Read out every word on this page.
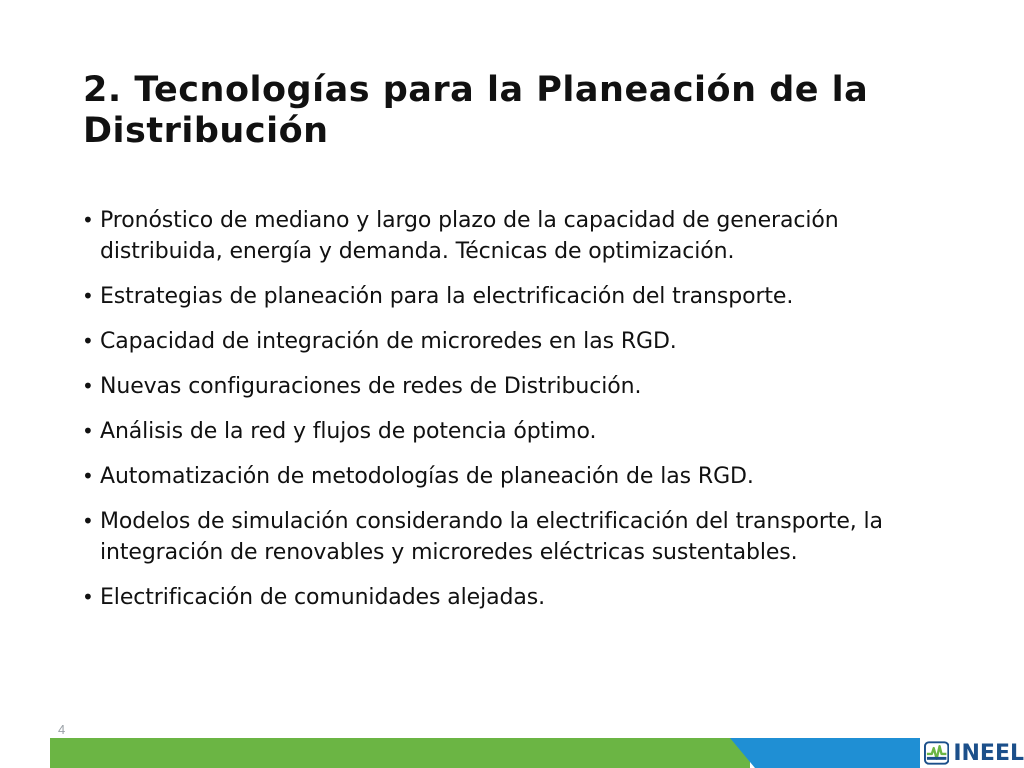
2. Tecnologías para la Planeación de la
Distribución
• Pronóstico de mediano y largo plazo de la capacidad de generación distribuida, energía y demanda. Técnicas de optimización.
• Estrategias de planeación para la electrificación del transporte.
• Capacidad de integración de microredes en las RGD.
• Nuevas configuraciones de redes de Distribución.
• Análisis de la red y flujos de potencia óptimo.
• Automatización de metodologías de planeación de las RGD.
• Modelos de simulación considerando la electrificación del transporte, la integración de renovables y microredes eléctricas sustentables.
• Electrificación de comunidades alejadas.
4
INEEL
